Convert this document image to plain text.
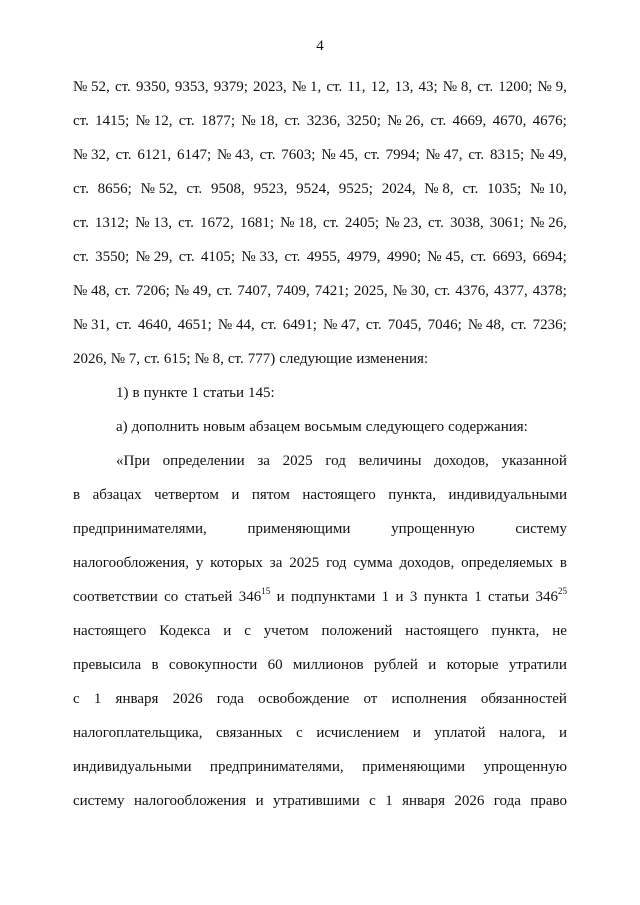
4
№ 52, ст. 9350, 9353, 9379; 2023, № 1, ст. 11, 12, 13, 43; № 8, ст. 1200; № 9,
ст. 1415; № 12, ст. 1877; № 18, ст. 3236, 3250; № 26, ст. 4669, 4670, 4676;
№ 32, ст. 6121, 6147; № 43, ст. 7603; № 45, ст. 7994; № 47, ст. 8315; № 49,
ст. 8656; № 52, ст. 9508, 9523, 9524, 9525; 2024, № 8, ст. 1035; № 10,
ст. 1312; № 13, ст. 1672, 1681; № 18, ст. 2405; № 23, ст. 3038, 3061; № 26,
ст. 3550; № 29, ст. 4105; № 33, ст. 4955, 4979, 4990; № 45, ст. 6693, 6694;
№ 48, ст. 7206; № 49, ст. 7407, 7409, 7421; 2025, № 30, ст. 4376, 4377, 4378;
№ 31, ст. 4640, 4651; № 44, ст. 6491; № 47, ст. 7045, 7046; № 48, ст. 7236;
2026, № 7, ст. 615; № 8, ст. 777) следующие изменения:
1) в пункте 1 статьи 145:
а) дополнить новым абзацем восьмым следующего содержания:
«При определении за 2025 год величины доходов, указанной
в абзацах четвертом и пятом настоящего пункта, индивидуальными
предпринимателями,	применяющими	упрощенную	систему
налогообложения, у которых за 2025 год сумма доходов, определяемых в
соответствии со статьей $346^{15}$ и подпунктами 1 и 3 пункта 1 статьи $346^{25}$
настоящего Кодекса и с учетом положений настоящего пункта, не
превысила в совокупности 60 миллионов рублей и которые утратили
с 1 января 2026 года освобождение от исполнения обязанностей
налогоплательщика, связанных с исчислением и уплатой налога, и
индивидуальными предпринимателями, применяющими упрощенную
систему налогообложения и утратившими с 1 января 2026 года право
